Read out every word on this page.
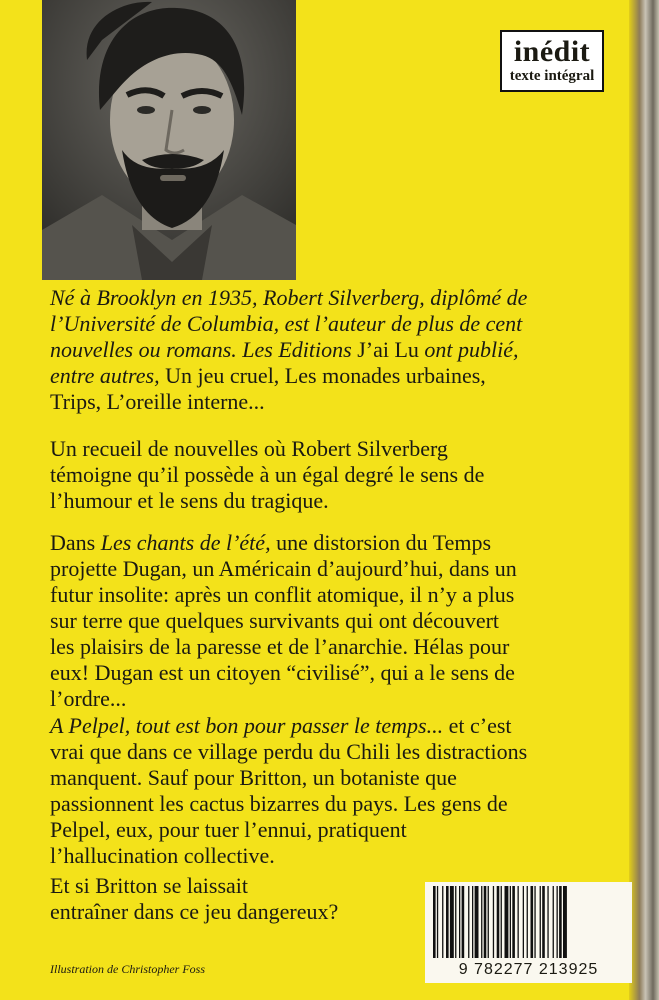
inédit
texte intégral
Né à Brooklyn en 1935, Robert Silverberg, diplômé de
l’Université de Columbia, est l’auteur de plus de cent
nouvelles ou romans. Les Editions J’ai Lu ont publié,
entre autres, Un jeu cruel, Les monades urbaines,
Trips, L’oreille interne...
Un recueil de nouvelles où Robert Silverberg
témoigne qu’il possède à un égal degré le sens de
l’humour et le sens du tragique.
Dans Les chants de l’été, une distorsion du Temps
projette Dugan, un Américain d’aujourd’hui, dans un
futur insolite: après un conflit atomique, il n’y a plus
sur terre que quelques survivants qui ont découvert
les plaisirs de la paresse et de l’anarchie. Hélas pour
eux! Dugan est un citoyen “civilisé”, qui a le sens de
l’ordre...
A Pelpel, tout est bon pour passer le temps... et c’est
vrai que dans ce village perdu du Chili les distractions
manquent. Sauf pour Britton, un botaniste que
passionnent les cactus bizarres du pays. Les gens de
Pelpel, eux, pour tuer l’ennui, pratiquent
l’hallucination collective.
Et si Britton se laissait
entraîner dans ce jeu dangereux?
Illustration de Christopher Foss	9 782277 213925
